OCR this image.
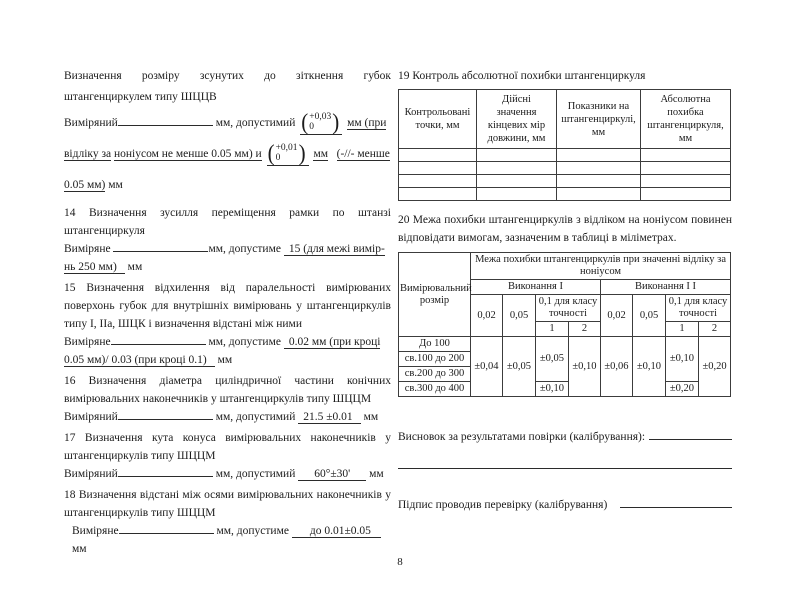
Визначення розміру зсунутих до зіткнення губок штангенциркулем типу ШЦЦВ

Виміряний	мм, допустимий ( +0,03
0 ) мм (при відліку за ноніусом не менше 0.05 мм) и ( +0,01
0 ) мм (-//- менше 0.05 мм) мм

14 Визначення зусилля переміщення рамки по штанзі штангенциркуля

Виміряне	мм, допустиме 15 (для межі вимір-нь 250 мм) мм

15 Визначення відхилення від паралельності вимірюваних поверхонь губок для внутрішніх вимірювань у штангенциркулів типу I, IIа, ШЦК і визначення відстані між ними

Виміряне	мм, допустиме 0.02 мм (при кроці 0.05 мм)/ 0.03 (при кроці 0.1) мм

16 Визначення діаметра циліндричної частини конічних вимірювальних наконечників у штангенциркулів типу ШЦЦМ

Виміряний	мм, допустимий 21.5 ±0.01 мм

17 Визначення кута конуса вимірювальних наконечників у штангенциркулів типу ШЦЦМ

Виміряний	мм, допустимий 60°±30' мм

18 Визначення відстані між осями вимірювальних наконечників у штангенциркулів типу ШЦЦМ

Виміряне	мм, допустиме до 0.01±0.05 мм

19 Контроль абсолютної похибки штангенциркуля

Контрольовані точки, мм	Дійсні значення кінцевих мір довжини, мм	Показники на штангенциркулі, мм	Абсолютна похибка штангенциркуля, мм

20 Межа похибки штангенциркулів з відліком на ноніусом повинен відповідати вимогам, зазначеним в таблиці в міліметрах.

Вимірювальний розмір	Межа похибки штангенциркулів при значенні відліку за ноніусом							
	Виконання I				Виконання I I			
	0,02	0,05	0,1 для класу точності		0,02	0,05	0,1 для класу точності	
			1	2			1	2
До 100	±0,04	±0,05	±0,05	±0,10	±0,06	±0,10	±0,10	±0,20
св.100 до 200								
св.200 до 300								
св.300 до 400			±0,10				±0,20	
Висновок за результатами повірки (калібрування):
Підпис проводив перевірку (калібрування)
8
